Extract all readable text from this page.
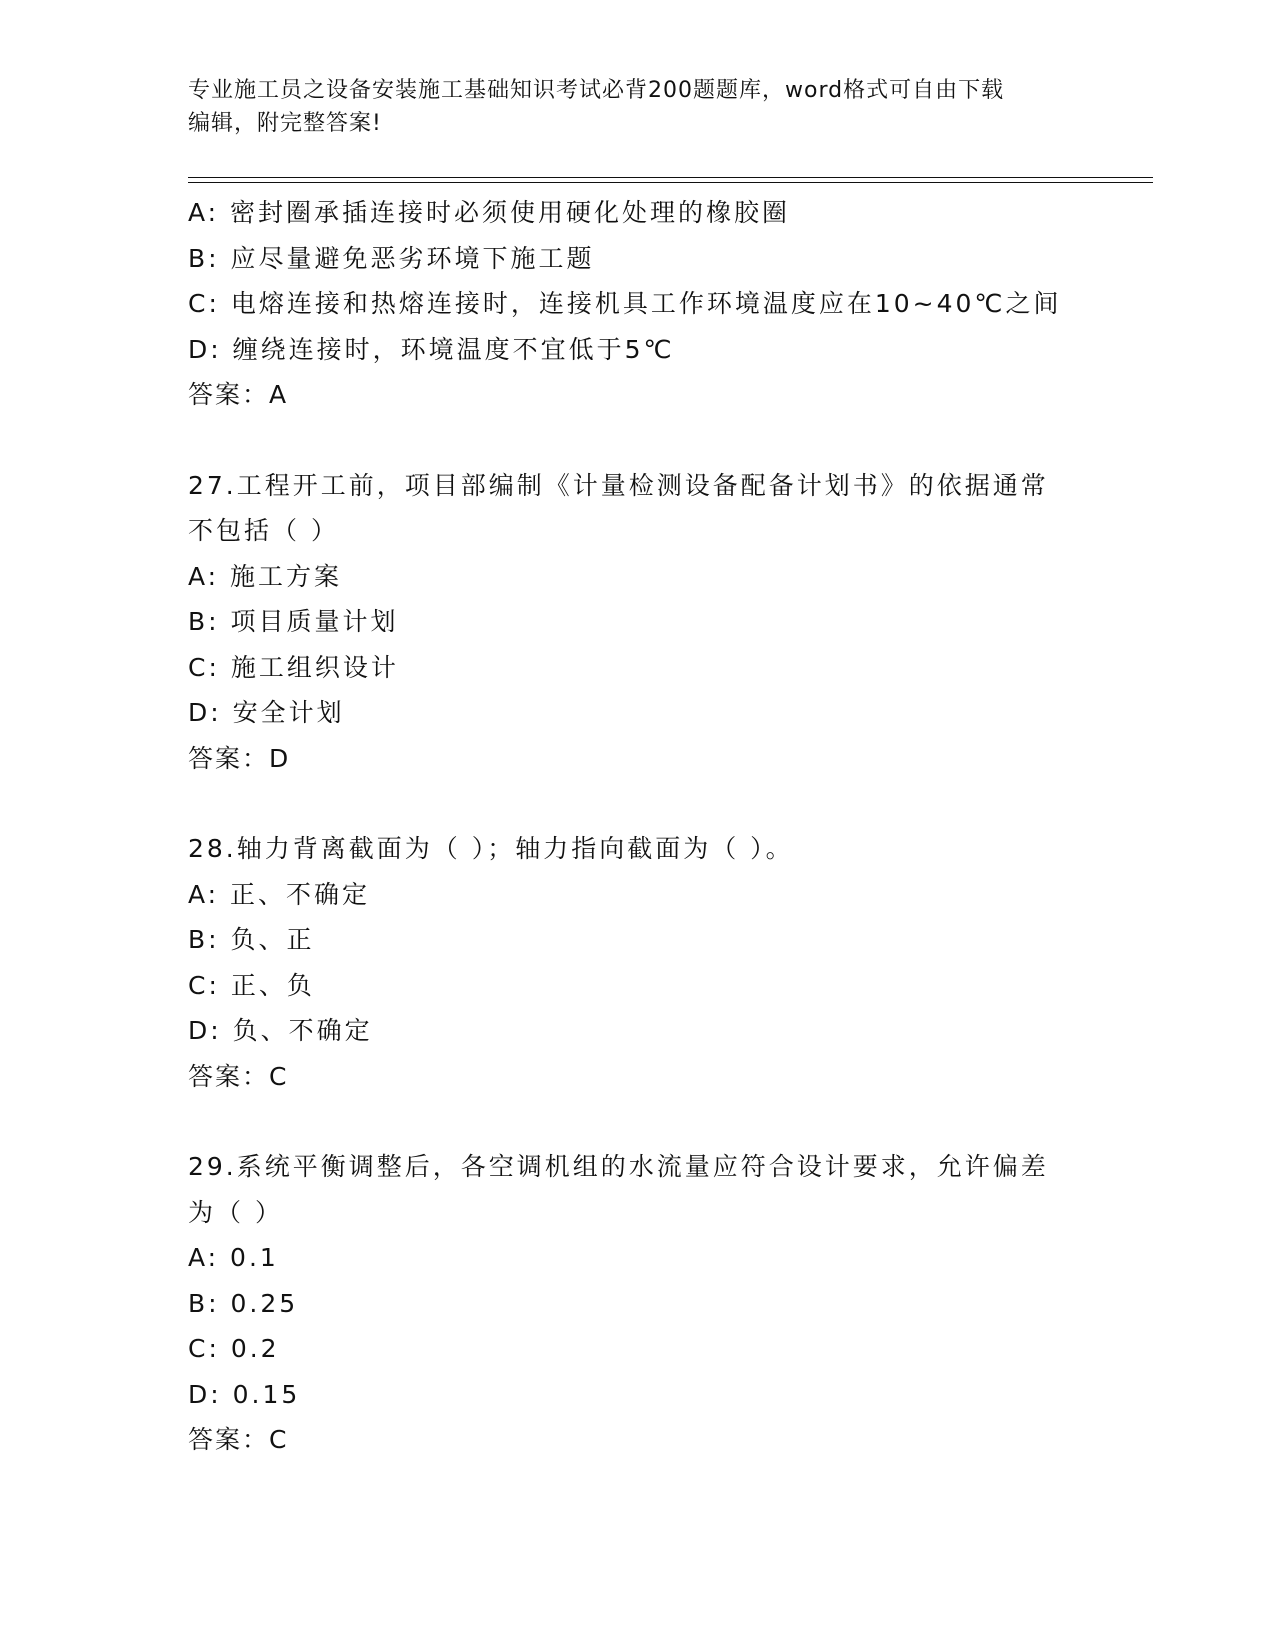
专业施工员之设备安装施工基础知识考试必背200题题库，word格式可自由下载
编辑，附完整答案!
A: 密封圈承插连接时必须使用硬化处理的橡胶圈
B: 应尽量避免恶劣环境下施工题
C: 电熔连接和热熔连接时，连接机具工作环境温度应在10~40℃之间
D: 缠绕连接时，环境温度不宜低于5℃
答案：A
27.工程开工前，项目部编制《计量检测设备配备计划书》的依据通常不包括（ ）
A: 施工方案
B: 项目质量计划
C: 施工组织设计
D: 安全计划
答案：D
28.轴力背离截面为（ ）；轴力指向截面为（ ）。
A: 正、不确定
B: 负、正
C: 正、负
D: 负、不确定
答案：C
29.系统平衡调整后，各空调机组的水流量应符合设计要求，允许偏差为（ ）
A: 0.1
B: 0.25
C: 0.2
D: 0.15
答案：C
